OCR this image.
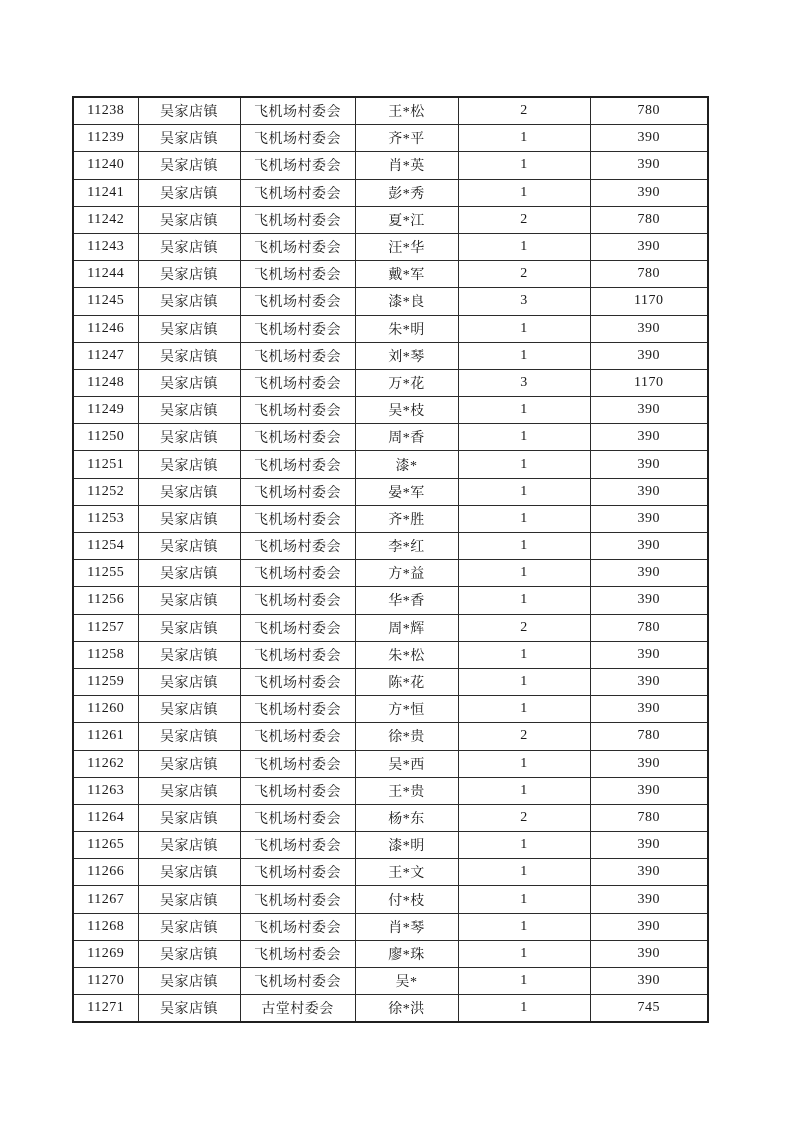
11238	吴家店镇	飞机场村委会	王*松	2	780
11239	吴家店镇	飞机场村委会	齐*平	1	390
11240	吴家店镇	飞机场村委会	肖*英	1	390
11241	吴家店镇	飞机场村委会	彭*秀	1	390
11242	吴家店镇	飞机场村委会	夏*江	2	780
11243	吴家店镇	飞机场村委会	汪*华	1	390
11244	吴家店镇	飞机场村委会	戴*军	2	780
11245	吴家店镇	飞机场村委会	漆*良	3	1170
11246	吴家店镇	飞机场村委会	朱*明	1	390
11247	吴家店镇	飞机场村委会	刘*琴	1	390
11248	吴家店镇	飞机场村委会	万*花	3	1170
11249	吴家店镇	飞机场村委会	吴*枝	1	390
11250	吴家店镇	飞机场村委会	周*香	1	390
11251	吴家店镇	飞机场村委会	漆*	1	390
11252	吴家店镇	飞机场村委会	晏*军	1	390
11253	吴家店镇	飞机场村委会	齐*胜	1	390
11254	吴家店镇	飞机场村委会	李*红	1	390
11255	吴家店镇	飞机场村委会	方*益	1	390
11256	吴家店镇	飞机场村委会	华*香	1	390
11257	吴家店镇	飞机场村委会	周*辉	2	780
11258	吴家店镇	飞机场村委会	朱*松	1	390
11259	吴家店镇	飞机场村委会	陈*花	1	390
11260	吴家店镇	飞机场村委会	方*恒	1	390
11261	吴家店镇	飞机场村委会	徐*贵	2	780
11262	吴家店镇	飞机场村委会	吴*西	1	390
11263	吴家店镇	飞机场村委会	王*贵	1	390
11264	吴家店镇	飞机场村委会	杨*东	2	780
11265	吴家店镇	飞机场村委会	漆*明	1	390
11266	吴家店镇	飞机场村委会	王*文	1	390
11267	吴家店镇	飞机场村委会	付*枝	1	390
11268	吴家店镇	飞机场村委会	肖*琴	1	390
11269	吴家店镇	飞机场村委会	廖*珠	1	390
11270	吴家店镇	飞机场村委会	吴*	1	390
11271	吴家店镇	古堂村委会	徐*洪	1	745
